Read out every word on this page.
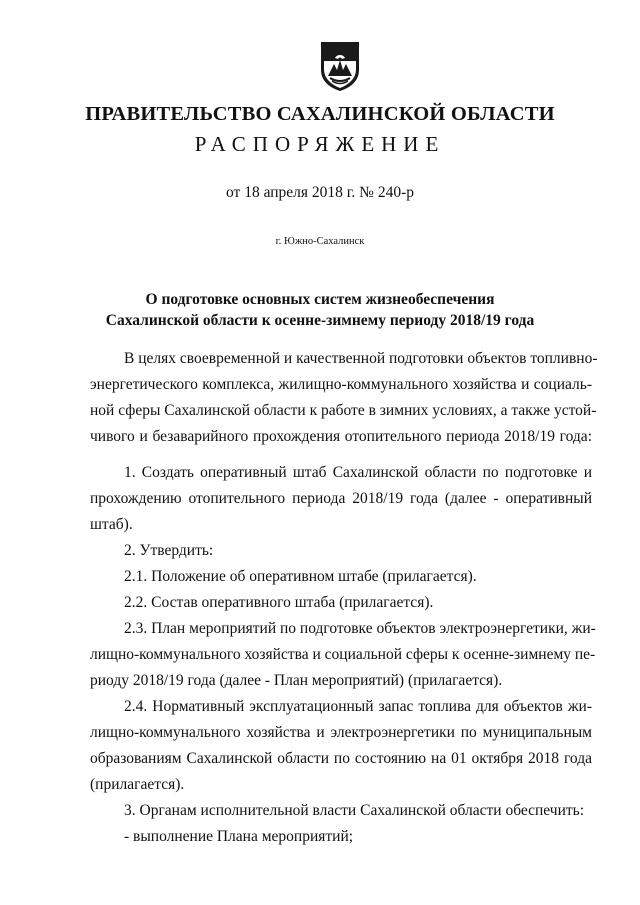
ПРАВИТЕЛЬСТВО САХАЛИНСКОЙ ОБЛАСТИ
РАСПОРЯЖЕНИЕ
от 18 апреля 2018 г. № 240-р
г. Южно-Сахалинск
О подготовке основных систем жизнеобеспечения
Сахалинской области к осенне-зимнему периоду 2018/19 года
В целях своевременной и качественной подготовки объектов топливно-
энергетического комплекса, жилищно-коммунального хозяйства и социаль-
ной сферы Сахалинской области к работе в зимних условиях, а также устой-
чивого и безаварийного прохождения отопительного периода 2018/19 года:
1. Создать оперативный штаб Сахалинской области по подготовке и
прохождению отопительного периода 2018/19 года (далее - оперативный
штаб).
2. Утвердить:
2.1. Положение об оперативном штабе (прилагается).
2.2. Состав оперативного штаба (прилагается).
2.3. План мероприятий по подготовке объектов электроэнергетики, жи-
лищно-коммунального хозяйства и социальной сферы к осенне-зимнему пе-
риоду 2018/19 года (далее - План мероприятий) (прилагается).
2.4. Нормативный эксплуатационный запас топлива для объектов жи-
лищно-коммунального хозяйства и электроэнергетики по муниципальным
образованиям Сахалинской области по состоянию на 01 октября 2018 года
(прилагается).
3. Органам исполнительной власти Сахалинской области обеспечить:
- выполнение Плана мероприятий;
